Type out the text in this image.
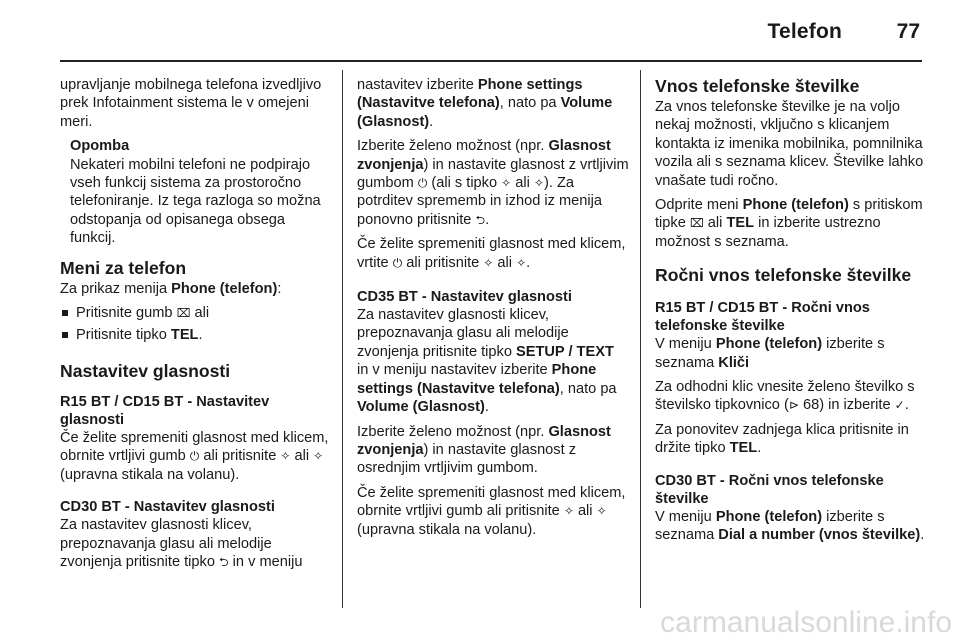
Telefon	77

upravljanje mobilnega telefona izvedljivo prek Infotainment sistema le v omejeni meri.

Opomba
Nekateri mobilni telefoni ne podpirajo vseh funkcij sistema za prostoročno telefoniranje. Iz tega razloga so možna odstopanja od opisanega obsega funkcij.
Meni za telefon

Za prikaz menija Phone (telefon):

Pritisnite gumb ⌧ ali
Pritisnite tipko TEL.
Nastavitev glasnosti
R15 BT / CD15 BT - Nastavitev glasnosti

Če želite spremeniti glasnost med klicem, obrnite vrtljivi gumb ⏻ ali pritisnite ✧ ali ✧ (upravna stikala na volanu).

CD30 BT - Nastavitev glasnosti

Za nastavitev glasnosti klicev, prepoznavanja glasu ali melodije zvonjenja pritisnite tipko ⮌ in v meniju

nastavitev izberite Phone settings (Nastavitve telefona), nato pa Volume (Glasnost).

Izberite želeno možnost (npr. Glasnost zvonjenja) in nastavite glasnost z vrtljivim gumbom ⏻ (ali s tipko ✧ ali ✧). Za potrditev sprememb in izhod iz menija ponovno pritisnite ⮌.

Če želite spremeniti glasnost med klicem, vrtite ⏻ ali pritisnite ✧ ali ✧.

CD35 BT - Nastavitev glasnosti

Za nastavitev glasnosti klicev, prepoznavanja glasu ali melodije zvonjenja pritisnite tipko SETUP / TEXT in v meniju nastavitev izberite Phone settings (Nastavitve telefona), nato pa Volume (Glasnost).

Izberite želeno možnost (npr. Glasnost zvonjenja) in nastavite glasnost z osrednjim vrtljivim gumbom.

Če želite spremeniti glasnost med klicem, obrnite vrtljivi gumb ali pritisnite ✧ ali ✧ (upravna stikala na volanu).

Vnos telefonske številke

Za vnos telefonske številke je na voljo nekaj možnosti, vključno s klicanjem kontakta iz imenika mobilnika, pomnilnika vozila ali s seznama klicev. Številke lahko vnašate tudi ročno.

Odprite meni Phone (telefon) s pritiskom tipke ⌧ ali TEL in izberite ustrezno možnost s seznama.

Ročni vnos telefonske številke
R15 BT / CD15 BT - Ročni vnos telefonske številke

V meniju Phone (telefon) izberite s seznama Kliči

Za odhodni klic vnesite želeno številko s številsko tipkovnico (⊳ 68) in izberite ✓.

Za ponovitev zadnjega klica pritisnite in držite tipko TEL.

CD30 BT - Ročni vnos telefonske številke

V meniju Phone (telefon) izberite s seznama Dial a number (vnos številke).

carmanualsonline.info
